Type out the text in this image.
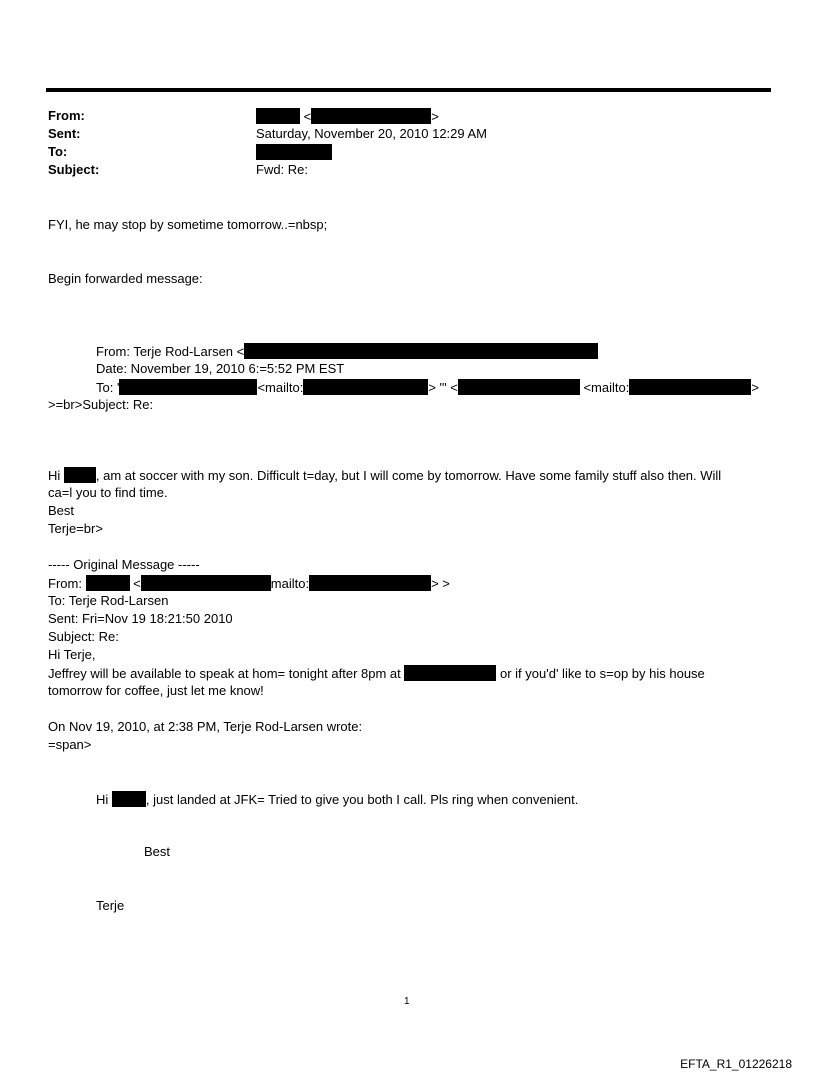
From:	<	>
Sent:	Saturday, November 20, 2010 12:29 AM
To:
Subject:	Fwd: Re:
FYI, he may stop by sometime tomorrow..=nbsp;
Begin forwarded message:
From: Terje Rod-Larsen <
Date: November 19, 2010 6:=5:52 PM EST
To: '	<mailto:	> '" <	<mailto:	>
>=br>Subject: Re:
Hi , am at soccer with my son. Difficult t=day, but I will come by tomorrow. Have some family stuff also then. Will
ca=l you to find time.
Best
Terje=br>
----- Original Message -----
From:	<	mailto:	> >
To: Terje Rod-Larsen
Sent: Fri=Nov 19 18:21:50 2010
Subject: Re:
Hi Terje,
Jeffrey will be available to speak at hom= tonight after 8pm at	or if you'd' like to s=op by his house
tomorrow for coffee, just let me know!
On Nov 19, 2010, at 2:38 PM, Terje Rod-Larsen wrote:
=span>
Hi	, just landed at JFK= Tried to give you both I call. Pls ring when convenient.
Best
Terje
1
EFTA_R1_01226218
